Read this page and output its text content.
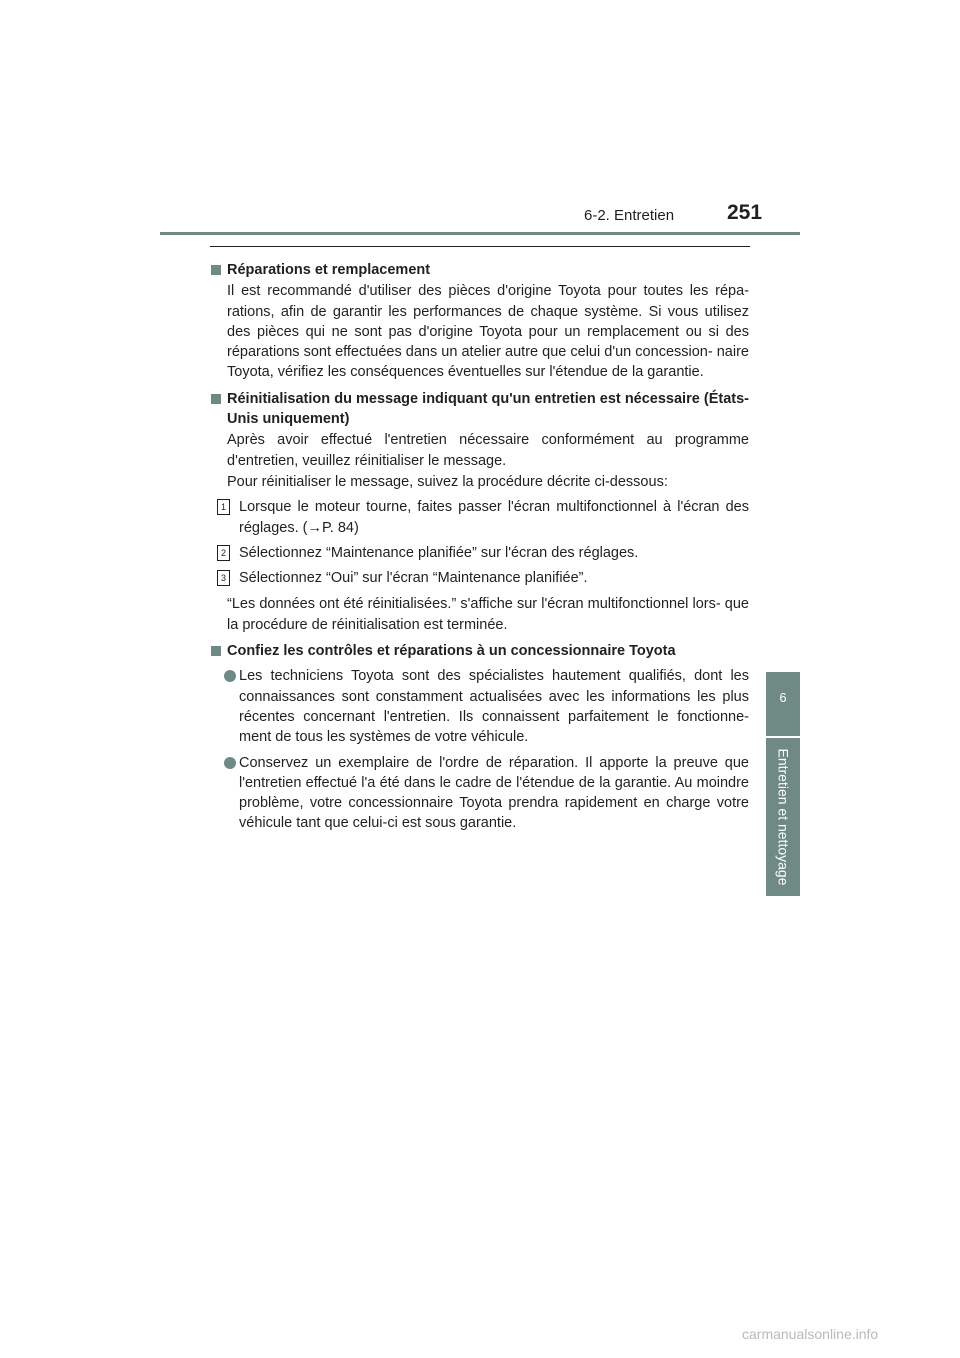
6-2. Entretien	251
6
Entretien et nettoyage
Réparations et remplacement
Il est recommandé d'utiliser des pièces d'origine Toyota pour toutes les répa- rations, afin de garantir les performances de chaque système. Si vous utilisez des pièces qui ne sont pas d'origine Toyota pour un remplacement ou si des réparations sont effectuées dans un atelier autre que celui d'un concession- naire Toyota, vérifiez les conséquences éventuelles sur l'étendue de la garantie.
Réinitialisation du message indiquant qu'un entretien est nécessaire (États-Unis uniquement)
Après avoir effectué l'entretien nécessaire conformément au programme d'entretien, veuillez réinitialiser le message.
Pour réinitialiser le message, suivez la procédure décrite ci-dessous:
1 Lorsque le moteur tourne, faites passer l'écran multifonctionnel à l'écran des réglages. (→P. 84)
2 Sélectionnez “Maintenance planifiée” sur l'écran des réglages.
3 Sélectionnez “Oui” sur l'écran “Maintenance planifiée”.
“Les données ont été réinitialisées.” s'affiche sur l'écran multifonctionnel lors- que la procédure de réinitialisation est terminée.
Confiez les contrôles et réparations à un concessionnaire Toyota
Les techniciens Toyota sont des spécialistes hautement qualifiés, dont les connaissances sont constamment actualisées avec les informations les plus récentes concernant l'entretien. Ils connaissent parfaitement le fonctionne- ment de tous les systèmes de votre véhicule.
Conservez un exemplaire de l'ordre de réparation. Il apporte la preuve que l'entretien effectué l'a été dans le cadre de l'étendue de la garantie. Au moindre problème, votre concessionnaire Toyota prendra rapidement en charge votre véhicule tant que celui-ci est sous garantie.
carmanualsonline.info
